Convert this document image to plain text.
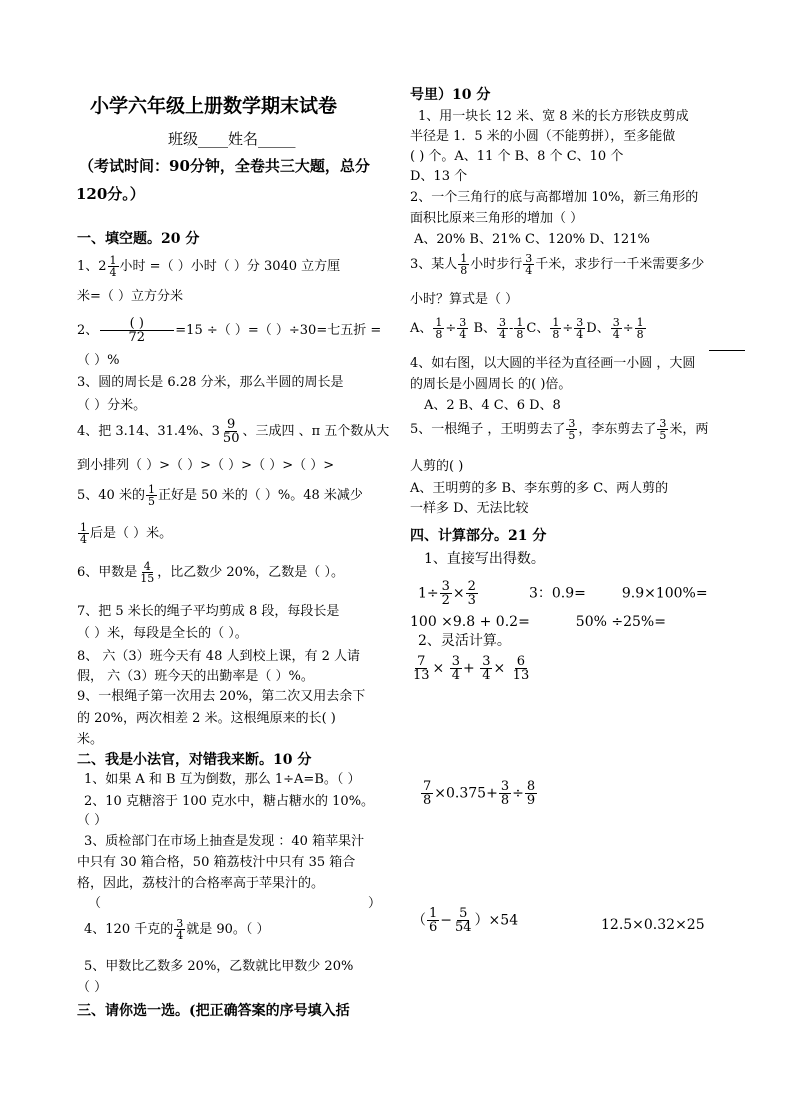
小学六年级上册数学期末试卷
班级____姓名_____
（考试时间：90分钟，全卷共三大题，总分
120分。）
一、填空题。20 分
1、$2 \frac{1}{4}$ 小时 =（ ）小时（ ）分 3040 立方厘
米=（ ）立方分米
2、	( )
72 =15 ÷（ ）=（ ）÷30=七五折 =
（ ）%
3、圆的周长是 6.28 分米，那么半圆的周长是
（ ）分米。
4、把 3.14、31.4%、$3 \frac{9}{50}$ 、三成四 、π 五个数从大
到小排列（ ）>（ ）>（ ）>（ ）>（ ）>
5、40 米的 $\frac{1}{5}$ 正好是 50 米的（ ）%。48 米减少
$\frac{1}{4}$ 后是（ ）米。
6、甲数是 $\frac{4}{15}$ ，比乙数少 20%，乙数是（ ）。
7、把 5 米长的绳子平均剪成 8 段，每段长是
（ ）米，每段是全长的（ ）。
8、 六（3）班今天有 48 人到校上课，有 2 人请
假， 六（3）班今天的出勤率是（ ）%。
9、一根绳子第一次用去 20%，第二次又用去余下
的 20%，两次相差 2 米。这根绳原来的长( )
米。
二、我是小法官，对错我来断。10 分
1、如果 A 和 B 互为倒数，那么 1÷A=B。（ ）
2、10 克糖溶于 100 克水中，糖占糖水的 10%。
（ ）
3、质检部门在市场上抽查是发现 ：40 箱苹果汁
中只有 30 箱合格，50 箱荔枝汁中只有 35 箱合
格，因此，荔枝汁的合格率高于苹果汁的。
（	）
4、120 千克的 $\frac{3}{4}$ 就是 90。（ ）
5、甲数比乙数多 20%，乙数就比甲数少 20%
（ ）
三、请你选一选。(把正确答案的序号填入括
号里）10 分
1、用一块长 12 米、宽 8 米的长方形铁皮剪成
半径是 1．5 米的小圆（不能剪拼），至多能做
( ) 个。A、11 个 B、8 个 C、10 个
D、13 个
2、一个三角行的底与高都增加 10%，新三角形的
面积比原来三角形的增加（ ）
A、20% B、21% C、120% D、121%
3、某人 $\frac{1}{8}$ 小时步行 $\frac{3}{4}$ 千米，求步行一千米需要多少
小时？算式是（ ）
A、 $\frac{1}{8} \div \frac{3}{4}$ B、 $\frac{3}{4} - \frac{1}{8}$ C、 $\frac{1}{8} \div \frac{3}{4}$ D、 $\frac{3}{4} \div \frac{1}{8}$
4、如右图，以大圆的半径为直径画一小圆 ，大圆
的周长是小圆周长 的( )倍。
A、2 B、4 C、6 D、8
5、一根绳子 ，王明剪去了 $\frac{3}{5}$ ，李东剪去了 $\frac{3}{5}$ 米，两
人剪的( )
A、王明剪的多 B、李东剪的多 C、两人剪的
一样多 D、无法比较
四、计算部分。21 分
1、直接写出得数。
$1\div \frac{3}{2} \times \frac{2}{3}$	3：0.9=	9.9×100%=
100 ×9.8 + 0.2=	50% ÷25%=
2、灵活计算。
$\frac{7}{13} \times \frac{3}{4} + \frac{3}{4} \times \frac{6}{13}$
$\frac{7}{8} \times 0.375+ \frac{3}{8} \div \frac{8}{9}$
（ $\frac{1}{6} - \frac{5}{54} )\times 54$	12.5×0.32×25
